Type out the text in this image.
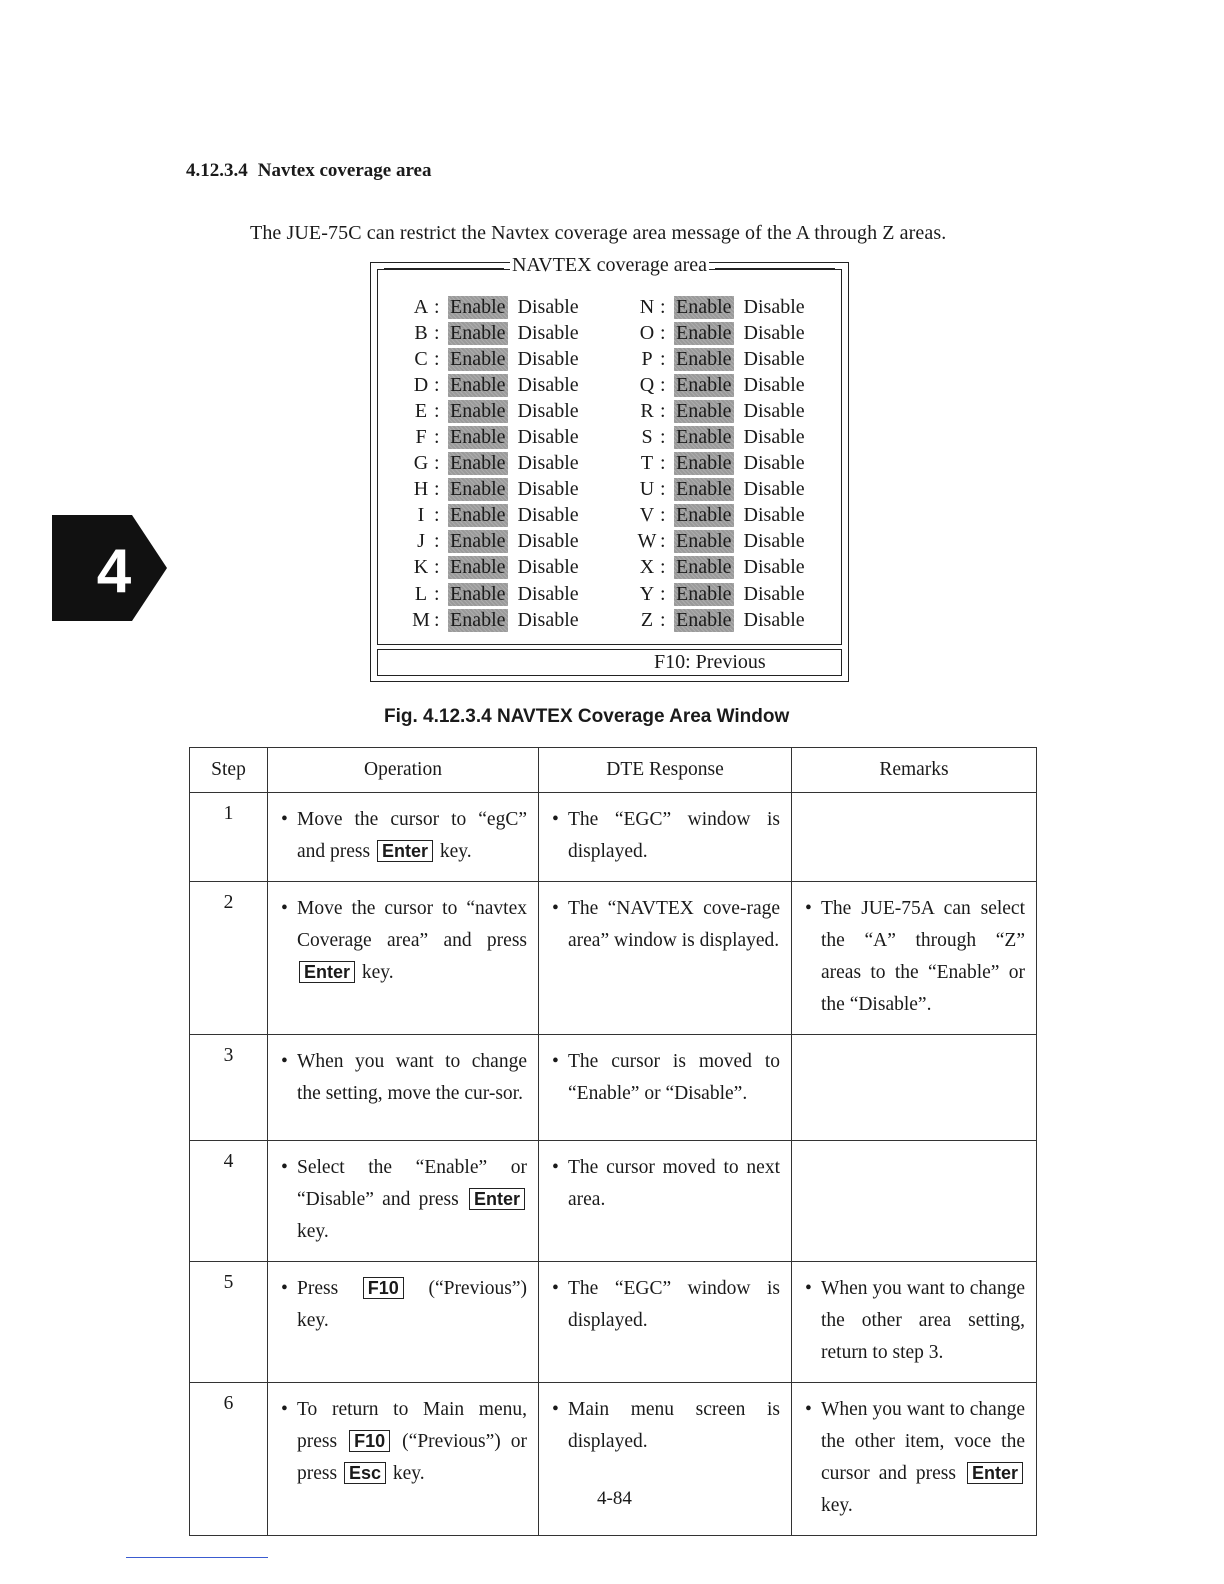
4.12.3.4 Navtex coverage area
The JUE-75C can restrict the Navtex coverage area message of the A through Z areas.
NAVTEX coverage area
A : Enable Disable
B : Enable Disable
C : Enable Disable
D : Enable Disable
E : Enable Disable
F : Enable Disable
G : Enable Disable
H : Enable Disable
I : Enable Disable
J : Enable Disable
K : Enable Disable
L : Enable Disable
M : Enable Disable
N : Enable Disable
O : Enable Disable
P : Enable Disable
Q : Enable Disable
R : Enable Disable
S : Enable Disable
T : Enable Disable
U : Enable Disable
V : Enable Disable
W : Enable Disable
X : Enable Disable
Y : Enable Disable
Z : Enable Disable
F10: Previous
Fig. 4.12.3.4 NAVTEX Coverage Area Window
Step	Operation	DTE Response	Remarks
1	• Move the cursor to “egC” and press Enter key.	• The “EGC” window is displayed.	

2	• Move the cursor to “navtex Coverage area” and press Enter key.	• The “NAVTEX cove-rage area” window is displayed.	• The JUE-75A can select the “A” through “Z” areas to the “Enable” or the “Disable”.

3	• When you want to change the setting, move the cur-sor.	• The cursor is moved to “Enable” or “Disable”.	

4	• Select the “Enable” or “Disable” and press Enter key.	• The cursor moved to next area.	

5	• Press F10 (“Previous”) key.	• The “EGC” window is displayed.	• When you want to change the other area setting, return to step 3.

6	• To return to Main menu, press F10 (“Previous”) or press Esc key.	• Main menu screen is displayed.	• When you want to change the other item, voce the cursor and press Enter key.
4-84
4
